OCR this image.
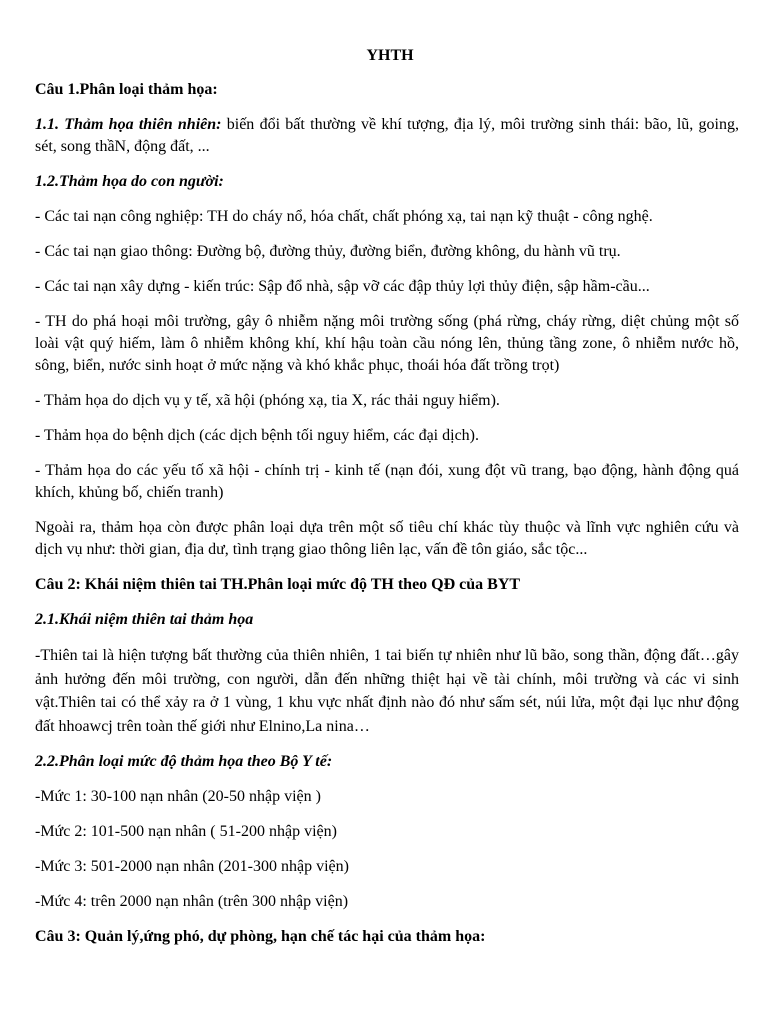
YHTH

Câu 1.Phân loại thảm họa:

1.1. Thảm họa thiên nhiên: biến đổi bất thường về khí tượng, địa lý, môi trường sinh thái: bão, lũ, going, sét, song thầN, động đất, ...

1.2.Thảm họa do con người:

- Các tai nạn công nghiệp: TH do cháy nổ, hóa chất, chất phóng xạ, tai nạn kỹ thuật - công nghệ.

- Các tai nạn giao thông: Đường bộ, đường thủy, đường biển, đường không, du hành vũ trụ.

- Các tai nạn xây dựng - kiến trúc: Sập đổ nhà, sập vỡ các đập thủy lợi thủy điện, sập hầm-cầu...

- TH do phá hoại môi trường, gây ô nhiễm nặng môi trường sống (phá rừng, cháy rừng, diệt chủng một số loài vật quý hiếm, làm ô nhiễm không khí, khí hậu toàn cầu nóng lên, thủng tầng zone, ô nhiễm nước hồ, sông, biển, nước sinh hoạt ở mức nặng và khó khắc phục, thoái hóa đất trồng trọt)

- Thảm họa do dịch vụ y tế, xã hội (phóng xạ, tia X, rác thải nguy hiểm).

- Thảm họa do bệnh dịch (các dịch bệnh tối nguy hiểm, các đại dịch).

- Thảm họa do các yếu tố xã hội - chính trị - kinh tế (nạn đói, xung đột vũ trang, bạo động, hành động quá khích, khủng bố, chiến tranh)

Ngoài ra, thảm họa còn được phân loại dựa trên một số tiêu chí khác tùy thuộc và lĩnh vực nghiên cứu và dịch vụ như: thời gian, địa dư, tình trạng giao thông liên lạc, vấn đề tôn giáo, sắc tộc...

Câu 2: Khái niệm thiên tai TH.Phân loại mức độ TH theo QĐ của BYT

2.1.Khái niệm thiên tai thảm họa

-Thiên tai là hiện tượng bất thường của thiên nhiên, 1 tai biến tự nhiên như lũ bão, song thần, động đất…gây ảnh hưởng đến môi trường, con người, dẫn đến những thiệt hại về tài chính, môi trường và các vi sinh vật.Thiên tai có thể xảy ra ở 1 vùng, 1 khu vực nhất định nào đó như sấm sét, núi lửa, một đại lục như động đất hhoawcj trên toàn thế giới như Elnino,La nina…

2.2.Phân loại mức độ thảm họa theo Bộ Y tế:

-Mức 1: 30-100 nạn nhân (20-50 nhập viện )

-Mức 2: 101-500 nạn nhân ( 51-200 nhập viện)

-Mức 3: 501-2000 nạn nhân (201-300 nhập viện)

-Mức 4: trên 2000 nạn nhân (trên 300 nhập viện)

Câu 3: Quản lý,ứng phó, dự phòng, hạn chế tác hại của thảm họa:
